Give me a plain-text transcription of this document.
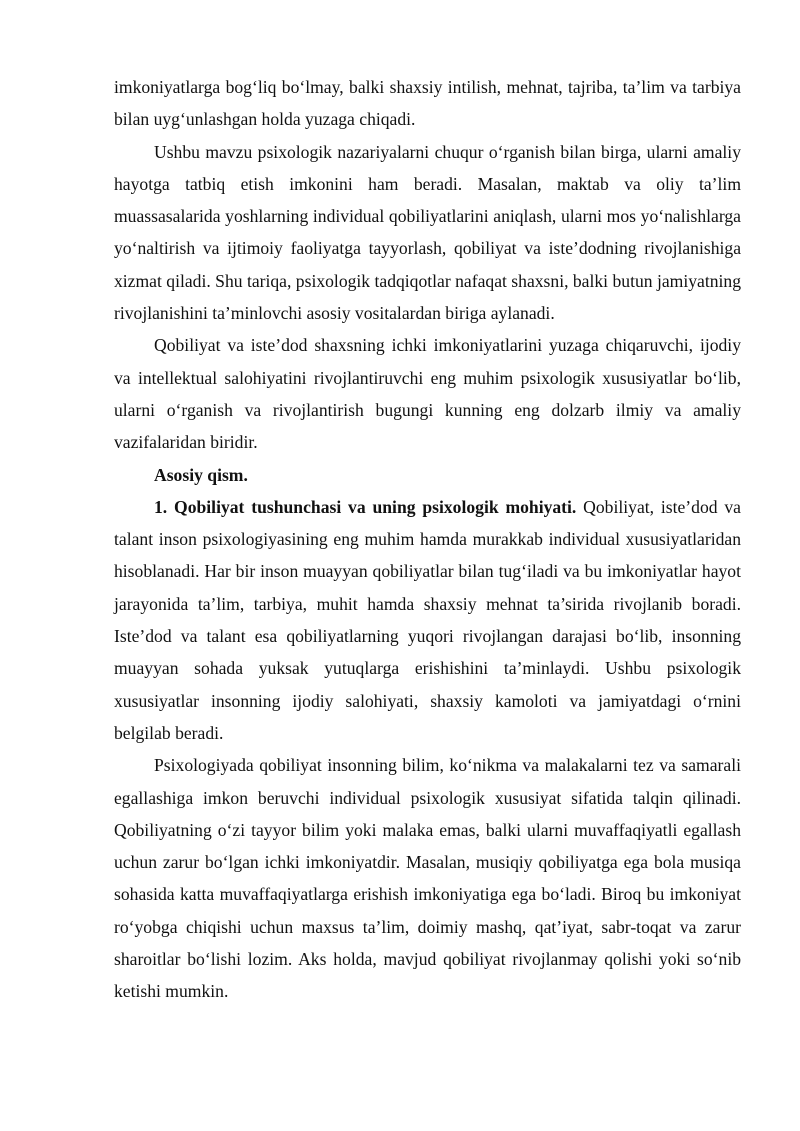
imkoniyatlarga bog‘liq bo‘lmay, balki shaxsiy intilish, mehnat, tajriba, ta’lim va tarbiya bilan uyg‘unlashgan holda yuzaga chiqadi.

Ushbu mavzu psixologik nazariyalarni chuqur o‘rganish bilan birga, ularni amaliy hayotga tatbiq etish imkonini ham beradi. Masalan, maktab va oliy ta’lim muassasalarida yoshlarning individual qobiliyatlarini aniqlash, ularni mos yo‘nalishlarga yo‘naltirish va ijtimoiy faoliyatga tayyorlash, qobiliyat va iste’dodning rivojlanishiga xizmat qiladi. Shu tariqa, psixologik tadqiqotlar nafaqat shaxsni, balki butun jamiyatning rivojlanishini ta’minlovchi asosiy vositalardan biriga aylanadi.

Qobiliyat va iste’dod shaxsning ichki imkoniyatlarini yuzaga chiqaruvchi, ijodiy va intellektual salohiyatini rivojlantiruvchi eng muhim psixologik xususiyatlar bo‘lib, ularni o‘rganish va rivojlantirish bugungi kunning eng dolzarb ilmiy va amaliy vazifalaridan biridir.

Asosiy qism.

1. Qobiliyat tushunchasi va uning psixologik mohiyati. Qobiliyat, iste’dod va talant inson psixologiyasining eng muhim hamda murakkab individual xususiyatlaridan hisoblanadi. Har bir inson muayyan qobiliyatlar bilan tug‘iladi va bu imkoniyatlar hayot jarayonida ta’lim, tarbiya, muhit hamda shaxsiy mehnat ta’sirida rivojlanib boradi. Iste’dod va talant esa qobiliyatlarning yuqori rivojlangan darajasi bo‘lib, insonning muayyan sohada yuksak yutuqlarga erishishini ta’minlaydi. Ushbu psixologik xususiyatlar insonning ijodiy salohiyati, shaxsiy kamoloti va jamiyatdagi o‘rnini belgilab beradi.

Psixologiyada qobiliyat insonning bilim, ko‘nikma va malakalarni tez va samarali egallashiga imkon beruvchi individual psixologik xususiyat sifatida talqin qilinadi. Qobiliyatning o‘zi tayyor bilim yoki malaka emas, balki ularni muvaffaqiyatli egallash uchun zarur bo‘lgan ichki imkoniyatdir. Masalan, musiqiy qobiliyatga ega bola musiqa sohasida katta muvaffaqiyatlarga erishish imkoniyatiga ega bo‘ladi. Biroq bu imkoniyat ro‘yobga chiqishi uchun maxsus ta’lim, doimiy mashq, qat’iyat, sabr-toqat va zarur sharoitlar bo‘lishi lozim. Aks holda, mavjud qobiliyat rivojlanmay qolishi yoki so‘nib ketishi mumkin.
